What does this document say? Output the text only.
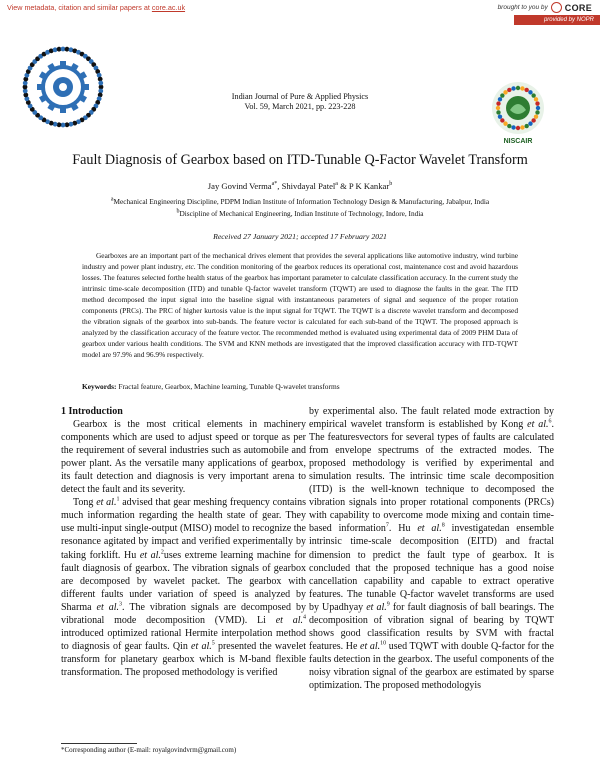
View metadata, citation and similar papers at core.ac.uk	brought to you by CORE
provided by NOPR
Indian Journal of Pure & Applied Physics
Vol. 59, March 2021, pp. 223-228
NISCAIR
Fault Diagnosis of Gearbox based on ITD-Tunable Q-Factor Wavelet Transform
Jay Govind Verma$^{a*}$, Shivdayal Patel$^a$ & P K Kankar$^b$
$^a$Mechanical Engineering Discipline, PDPM Indian Institute of Information Technology Design & Manufacturing, Jabalpur, India
$^b$Discipline of Mechanical Engineering, Indian Institute of Technology, Indore, India
Received 27 January 2021; accepted 17 February 2021

Gearboxes are an important part of the mechanical drives element that provides the several applications like automotive industry, wind turbine industry and power plant industry, etc. The condition monitoring of the gearbox reduces its operational cost, maintenance cost and avoid hazardous losses. The features selected forthe health status of the gearbox has important parameter to calculate classification accuracy. In the current study the intrinsic time-scale decomposition (ITD) and tunable Q-factor wavelet transform (TQWT) are used to diagnose the faults in the gear. The ITD method decomposed the input signal into the baseline signal with instantaneous parameters of signal and sequence of the proper rotation components (PRCs). The PRC of higher kurtosis value is the input signal for TQWT. The TQWT is a discrete wavelet transform and decomposed the vibration signals of the gearbox into sub-bands. The feature vector is calculated for each sub-band of the TQWT. The proposed approach is analyzed by the classification accuracy of the feature vector. The recommended method is evaluated using experimental data of 2009 PHM Data of gearbox under various health conditions. The SVM and KNN methods are investigated that the improved classification accuracy with ITD-TQWT model are 97.9% and 96.9% respectively.

Keywords: Fractal feature, Gearbox, Machine learning, Tunable Q-wavelet transforms

1 Introduction

Gearbox is the most critical elements in machinery components which are used to adjust speed or torque as per the requirement of several industries such as automobile and power plant. As the versatile many applications of gearbox, its fault detection and diagnosis is very important arena to detect the fault and its severity.

Tong et al.$^1$ advised that gear meshing frequency contains much information regarding the health state of gear. They use multi-input single-output (MISO) model to recognize the resonance agitated by impact and verified experimentally by taking forklift. Hu et al.$^2$uses extreme learning machine for fault diagnosis of gearbox. The vibration signals of gearbox are decomposed by wavelet packet. The gearbox with different faults under variation of speed is analyzed by Sharma et al.$^3$. The vibration signals are decomposed by vibrational mode decomposition (VMD). Li et al.$^4$ introduced optimized rational Hermite interpolation method to diagnosis of gear faults. Qin et al.$^5$ presented the wavelet transform for planetary gearbox which is M-band flexible transformation. The proposed methodology is verified

by experimental also. The fault related mode extraction by empirical wavelet transform is established by Kong et al.$^6$. The featuresvectors for several types of faults are calculated from envelope spectrums of the extracted modes. The proposed methodology is verified by experimental and simulation results. The intrinsic time scale decomposition (ITD) is the well-known technique to decomposed the vibration signals into proper rotational components (PRCs) with capability to overcome mode mixing and contain time-based information$^7$. Hu et al.$^8$ investigatedan ensemble intrinsic time-scale decomposition (EITD) and fractal dimension to predict the fault type of gearbox. It is concluded that the proposed technique has a good noise cancellation capability and capable to extract operative features. The tunable Q-factor wavelet transforms are used by Upadhyay et al.$^9$ for fault diagnosis of ball bearings. The decomposition of vibration signal of bearing by TQWT shows good classification results by SVM with fractal features. He et al.$^{10}$ used TQWT with double Q-factor for the faults detection in the gearbox. The useful components of the noisy vibration signal of the gearbox are estimated by sparse optimization. The proposed methodologyis

*Corresponding author (E-mail: royalgovindvrm@gmail.com)
